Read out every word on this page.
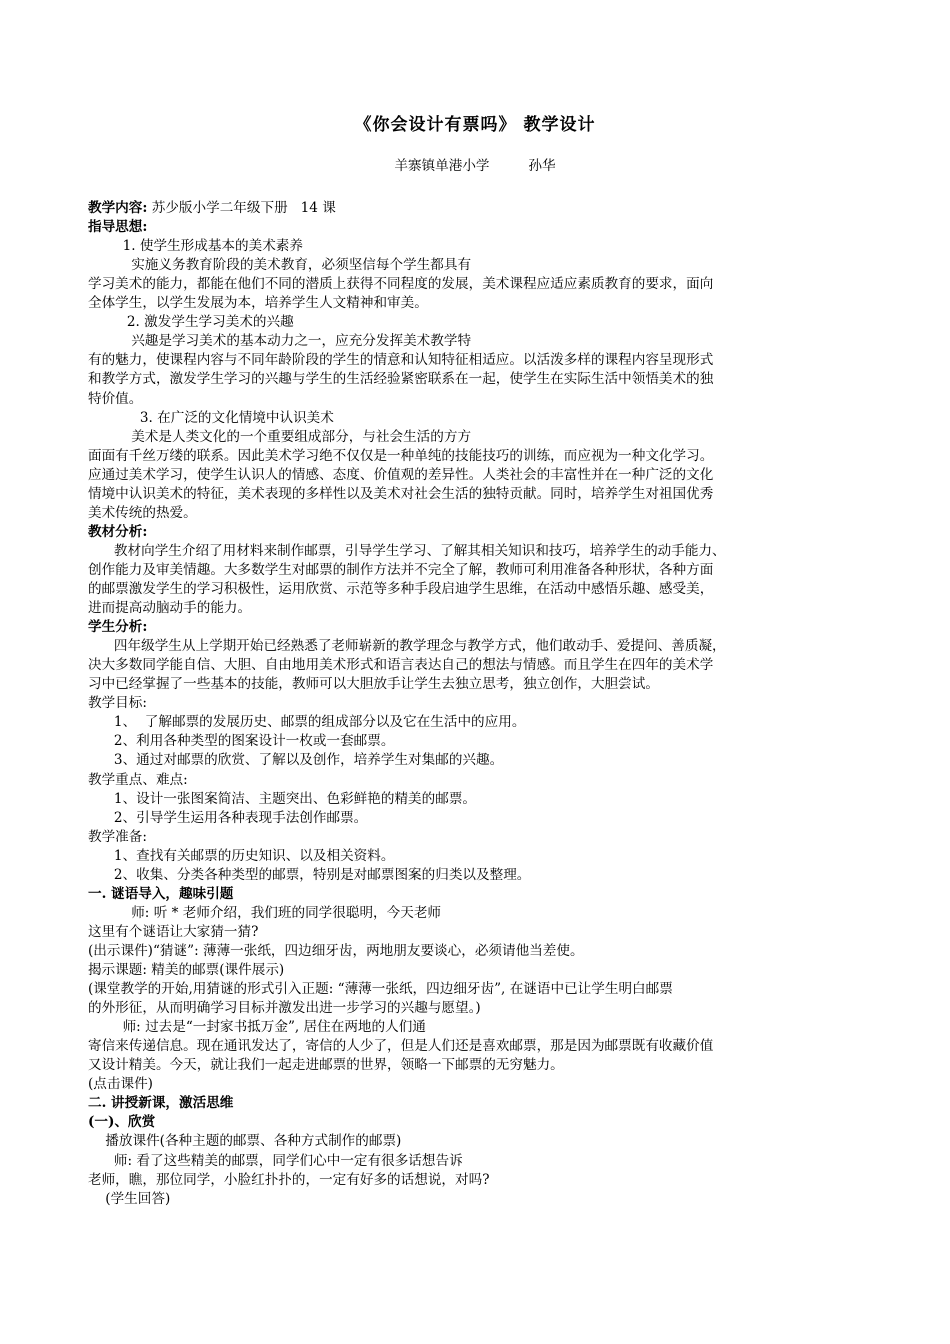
《你会设计有票吗》 教学设计
羊寨镇单港小学         孙华
教学内容: 苏少版小学二年级下册   14 课
指导思想:
1. 使学生形成基本的美术素养
实施义务教育阶段的美术教育，必须坚信每个学生都具有
学习美术的能力，都能在他们不同的潜质上获得不同程度的发展，美术课程应适应素质教育的要求，面向
全体学生，以学生发展为本，培养学生人文精神和审美。
2. 激发学生学习美术的兴趣
兴趣是学习美术的基本动力之一，应充分发挥美术教学特
有的魅力，使课程内容与不同年龄阶段的学生的情意和认知特征相适应。以活泼多样的课程内容呈现形式
和教学方式，激发学生学习的兴趣与学生的生活经验紧密联系在一起，使学生在实际生活中领悟美术的独
特价值。
3. 在广泛的文化情境中认识美术
美术是人类文化的一个重要组成部分，与社会生活的方方
面面有千丝万缕的联系。因此美术学习绝不仅仅是一种单纯的技能技巧的训练，而应视为一种文化学习。
应通过美术学习，使学生认识人的情感、态度、价值观的差异性。人类社会的丰富性并在一种广泛的文化
情境中认识美术的特征，美术表现的多样性以及美术对社会生活的独特贡献。同时，培养学生对祖国优秀
美术传统的热爱。
教材分析:
教材向学生介绍了用材料来制作邮票，引导学生学习、了解其相关知识和技巧，培养学生的动手能力、
创作能力及审美情趣。大多数学生对邮票的制作方法并不完全了解，教师可利用准备各种形状，各种方面
的邮票激发学生的学习积极性，运用欣赏、示范等多种手段启迪学生思维，在活动中感悟乐趣、感受美，
进而提高动脑动手的能力。
学生分析:
四年级学生从上学期开始已经熟悉了老师崭新的教学理念与教学方式，他们敢动手、爱提问、善质凝，
决大多数同学能自信、大胆、自由地用美术形式和语言表达自己的想法与情感。而且学生在四年的美术学
习中已经掌握了一些基本的技能，教师可以大胆放手让学生去独立思考，独立创作，大胆尝试。
教学目标:
1、  了解邮票的发展历史、邮票的组成部分以及它在生活中的应用。
2、利用各种类型的图案设计一枚或一套邮票。
3、通过对邮票的欣赏、了解以及创作，培养学生对集邮的兴趣。
教学重点、难点:
1、设计一张图案简洁、主题突出、色彩鲜艳的精美的邮票。
2、引导学生运用各种表现手法创作邮票。
教学准备:
1、查找有关邮票的历史知识、以及相关资料。
2、收集、分类各种类型的邮票，特别是对邮票图案的归类以及整理。
一. 谜语导入，趣味引题
师: 听 * 老师介绍，我们班的同学很聪明，今天老师
这里有个谜语让大家猜一猜?
(出示课件)“猜谜”: 薄薄一张纸，四边细牙齿，两地朋友要谈心，必须请他当差使。
揭示课题: 精美的邮票(课件展示)
(课堂教学的开始,用猜谜的形式引入正题: “薄薄一张纸，四边细牙齿”, 在谜语中已让学生明白邮票
的外形征，从而明确学习目标并激发出进一步学习的兴趣与愿望。)
师: 过去是“一封家书抵万金”, 居住在两地的人们通
寄信来传递信息。现在通讯发达了，寄信的人少了，但是人们还是喜欢邮票，那是因为邮票既有收藏价值
又设计精美。今天，就让我们一起走进邮票的世界，领略一下邮票的无穷魅力。
(点击课件)
二. 讲授新课，激活思维
(一)、欣赏
播放课件(各种主题的邮票、各种方式制作的邮票)
师: 看了这些精美的邮票，同学们心中一定有很多话想告诉
老师，瞧，那位同学，小脸红扑扑的，一定有好多的话想说，对吗?
(学生回答)
